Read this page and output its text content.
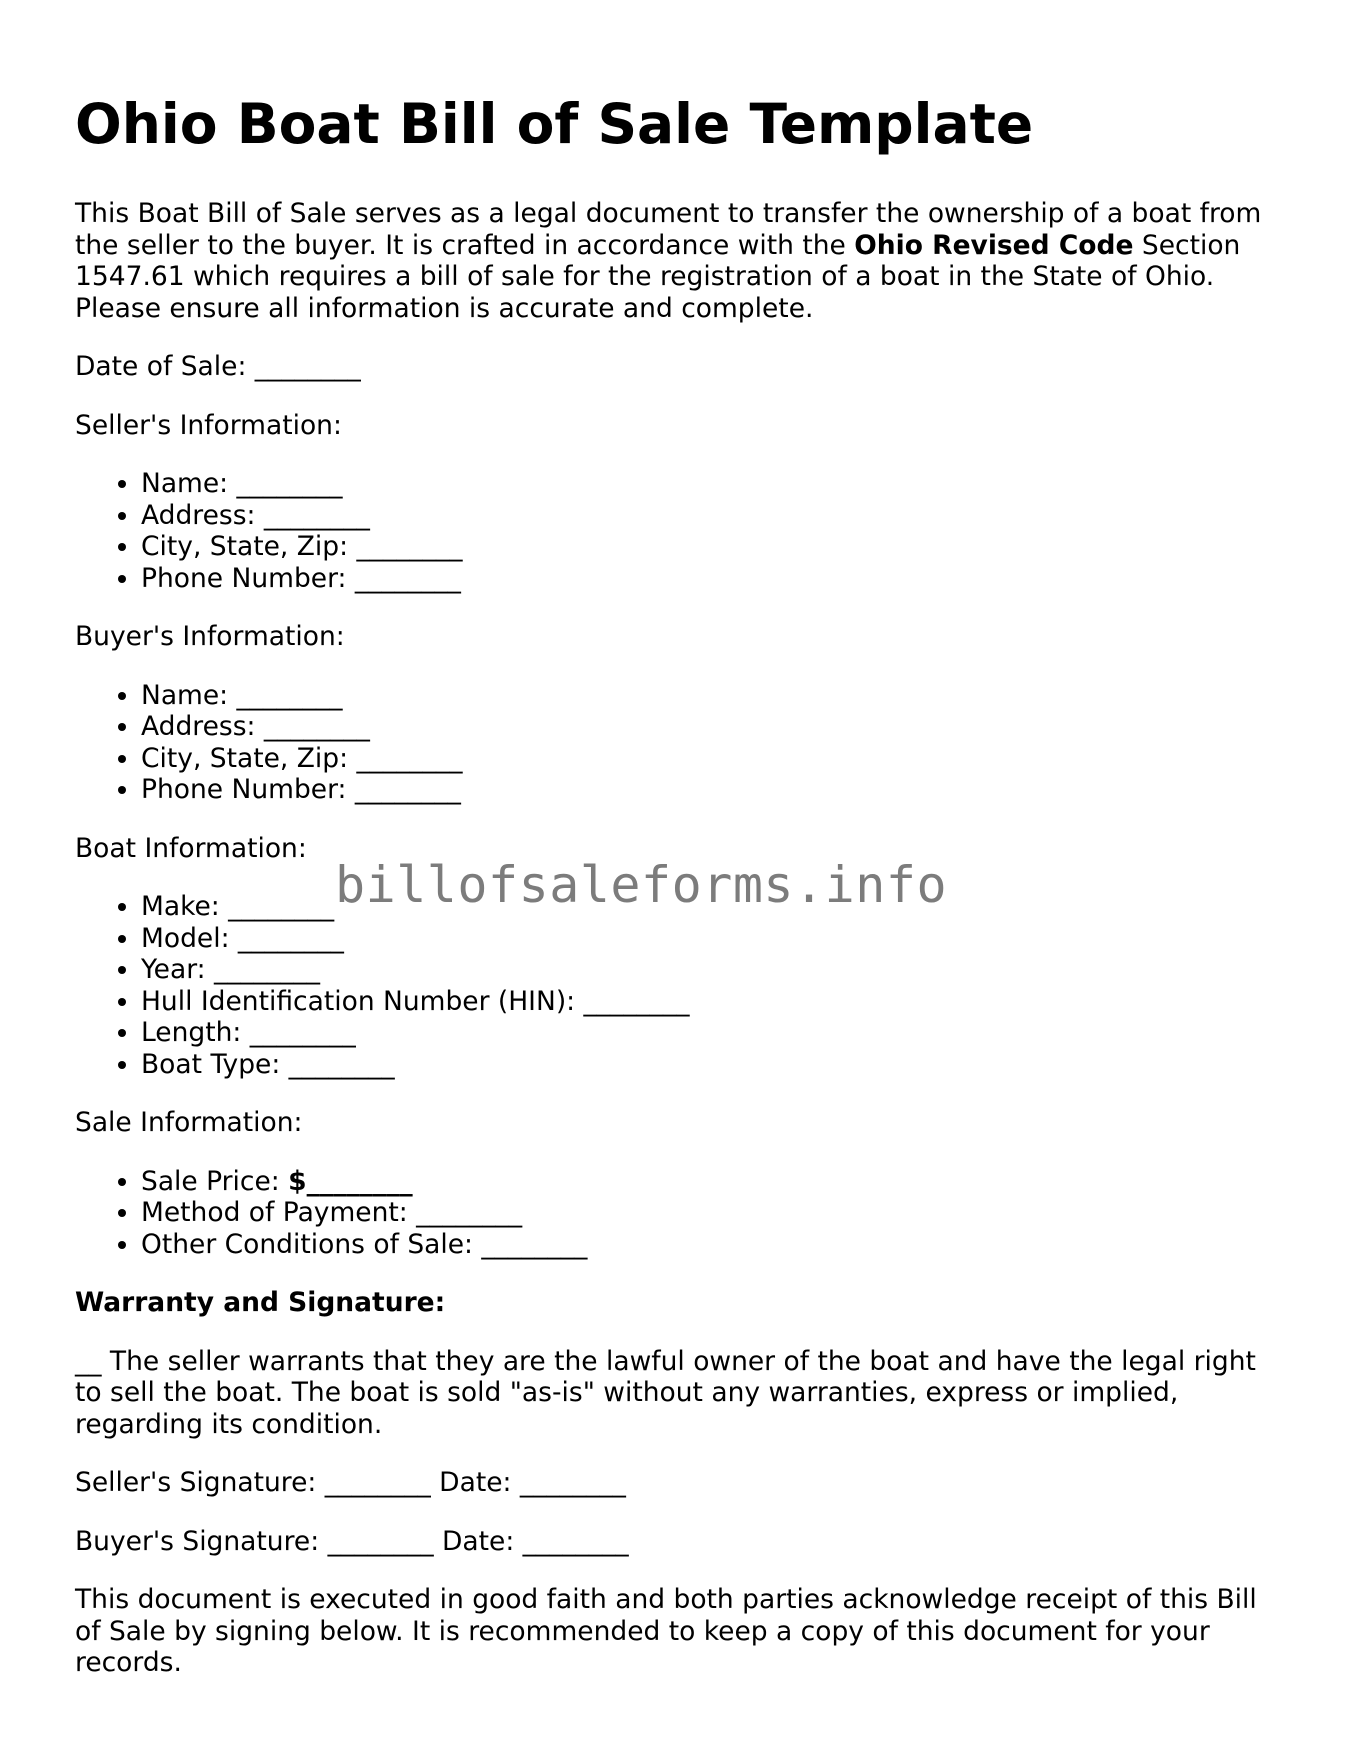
Ohio Boat Bill of Sale Template

This Boat Bill of Sale serves as a legal document to transfer the ownership of a boat from the seller to the buyer. It is crafted in accordance with the Ohio Revised Code Section 1547.61 which requires a bill of sale for the registration of a boat in the State of Ohio. Please ensure all information is accurate and complete.

Date of Sale: ________

Seller's Information:

• Name: ________
• Address: ________
• City, State, Zip: ________
• Phone Number: ________

Buyer's Information:

• Name: ________
• Address: ________
• City, State, Zip: ________
• Phone Number: ________

Boat Information:

• Make: ________
• Model: ________
• Year: ________
• Hull Identification Number (HIN): ________
• Length: ________
• Boat Type: ________

Sale Information:

• Sale Price: $________
• Method of Payment: ________
• Other Conditions of Sale: ________

Warranty and Signature:

__ The seller warrants that they are the lawful owner of the boat and have the legal right to sell the boat. The boat is sold "as-is" without any warranties, express or implied, regarding its condition.

Seller's Signature: ________ Date: ________

Buyer's Signature: ________ Date: ________

This document is executed in good faith and both parties acknowledge receipt of this Bill of Sale by signing below. It is recommended to keep a copy of this document for your records.

billofsaleforms.info
